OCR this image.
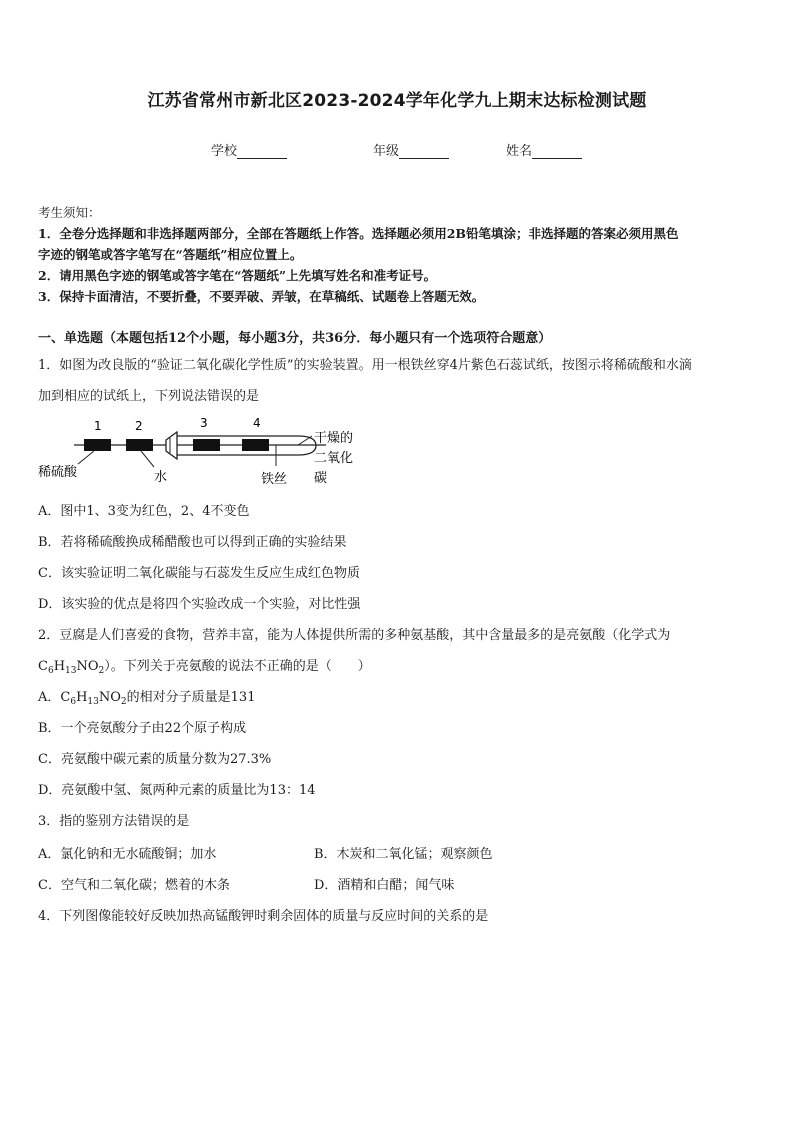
江苏省常州市新北区2023-2024学年化学九上期末达标检测试题
学校	年级	姓名
考生须知：
1．全卷分选择题和非选择题两部分，全部在答题纸上作答。选择题必须用2B铅笔填涂；非选择题的答案必须用黑色
字迹的钢笔或答字笔写在“答题纸”相应位置上。
2．请用黑色字迹的钢笔或答字笔在“答题纸”上先填写姓名和准考证号。
3．保持卡面清洁，不要折叠，不要弄破、弄皱，在草稿纸、试题卷上答题无效。
一、单选题（本题包括12个小题，每小题3分，共36分．每小题只有一个选项符合题意）
1．如图为改良版的“验证二氧化碳化学性质”的实验装置。用一根铁丝穿4片紫色石蕊试纸，按图示将稀硫酸和水滴
加到相应的试纸上，下列说法错误的是
1	2	3	4
稀硫酸	水	铁丝
干燥的
二氧化
碳
A．图中1、3变为红色，2、4不变色
B．若将稀硫酸换成稀醋酸也可以得到正确的实验结果
C．该实验证明二氧化碳能与石蕊发生反应生成红色物质
D．该实验的优点是将四个实验改成一个实验，对比性强
2．豆腐是人们喜爱的食物，营养丰富，能为人体提供所需的多种氨基酸，其中含量最多的是亮氨酸（化学式为
$C_6H_{13}NO_2$）。下列关于亮氨酸的说法不正确的是（　　）
A．$C_6H_{13}NO_2$的相对分子质量是131
B．一个亮氨酸分子由22个原子构成
C．亮氨酸中碳元素的质量分数为27.3%
D．亮氨酸中氢、氮两种元素的质量比为13：14
3．指的鉴别方法错误的是
A．氯化钠和无水硫酸铜；加水	B．木炭和二氧化锰；观察颜色
C．空气和二氧化碳；燃着的木条	D．酒精和白醋；闻气味
4．下列图像能较好反映加热高锰酸钾时剩余固体的质量与反应时间的关系的是
